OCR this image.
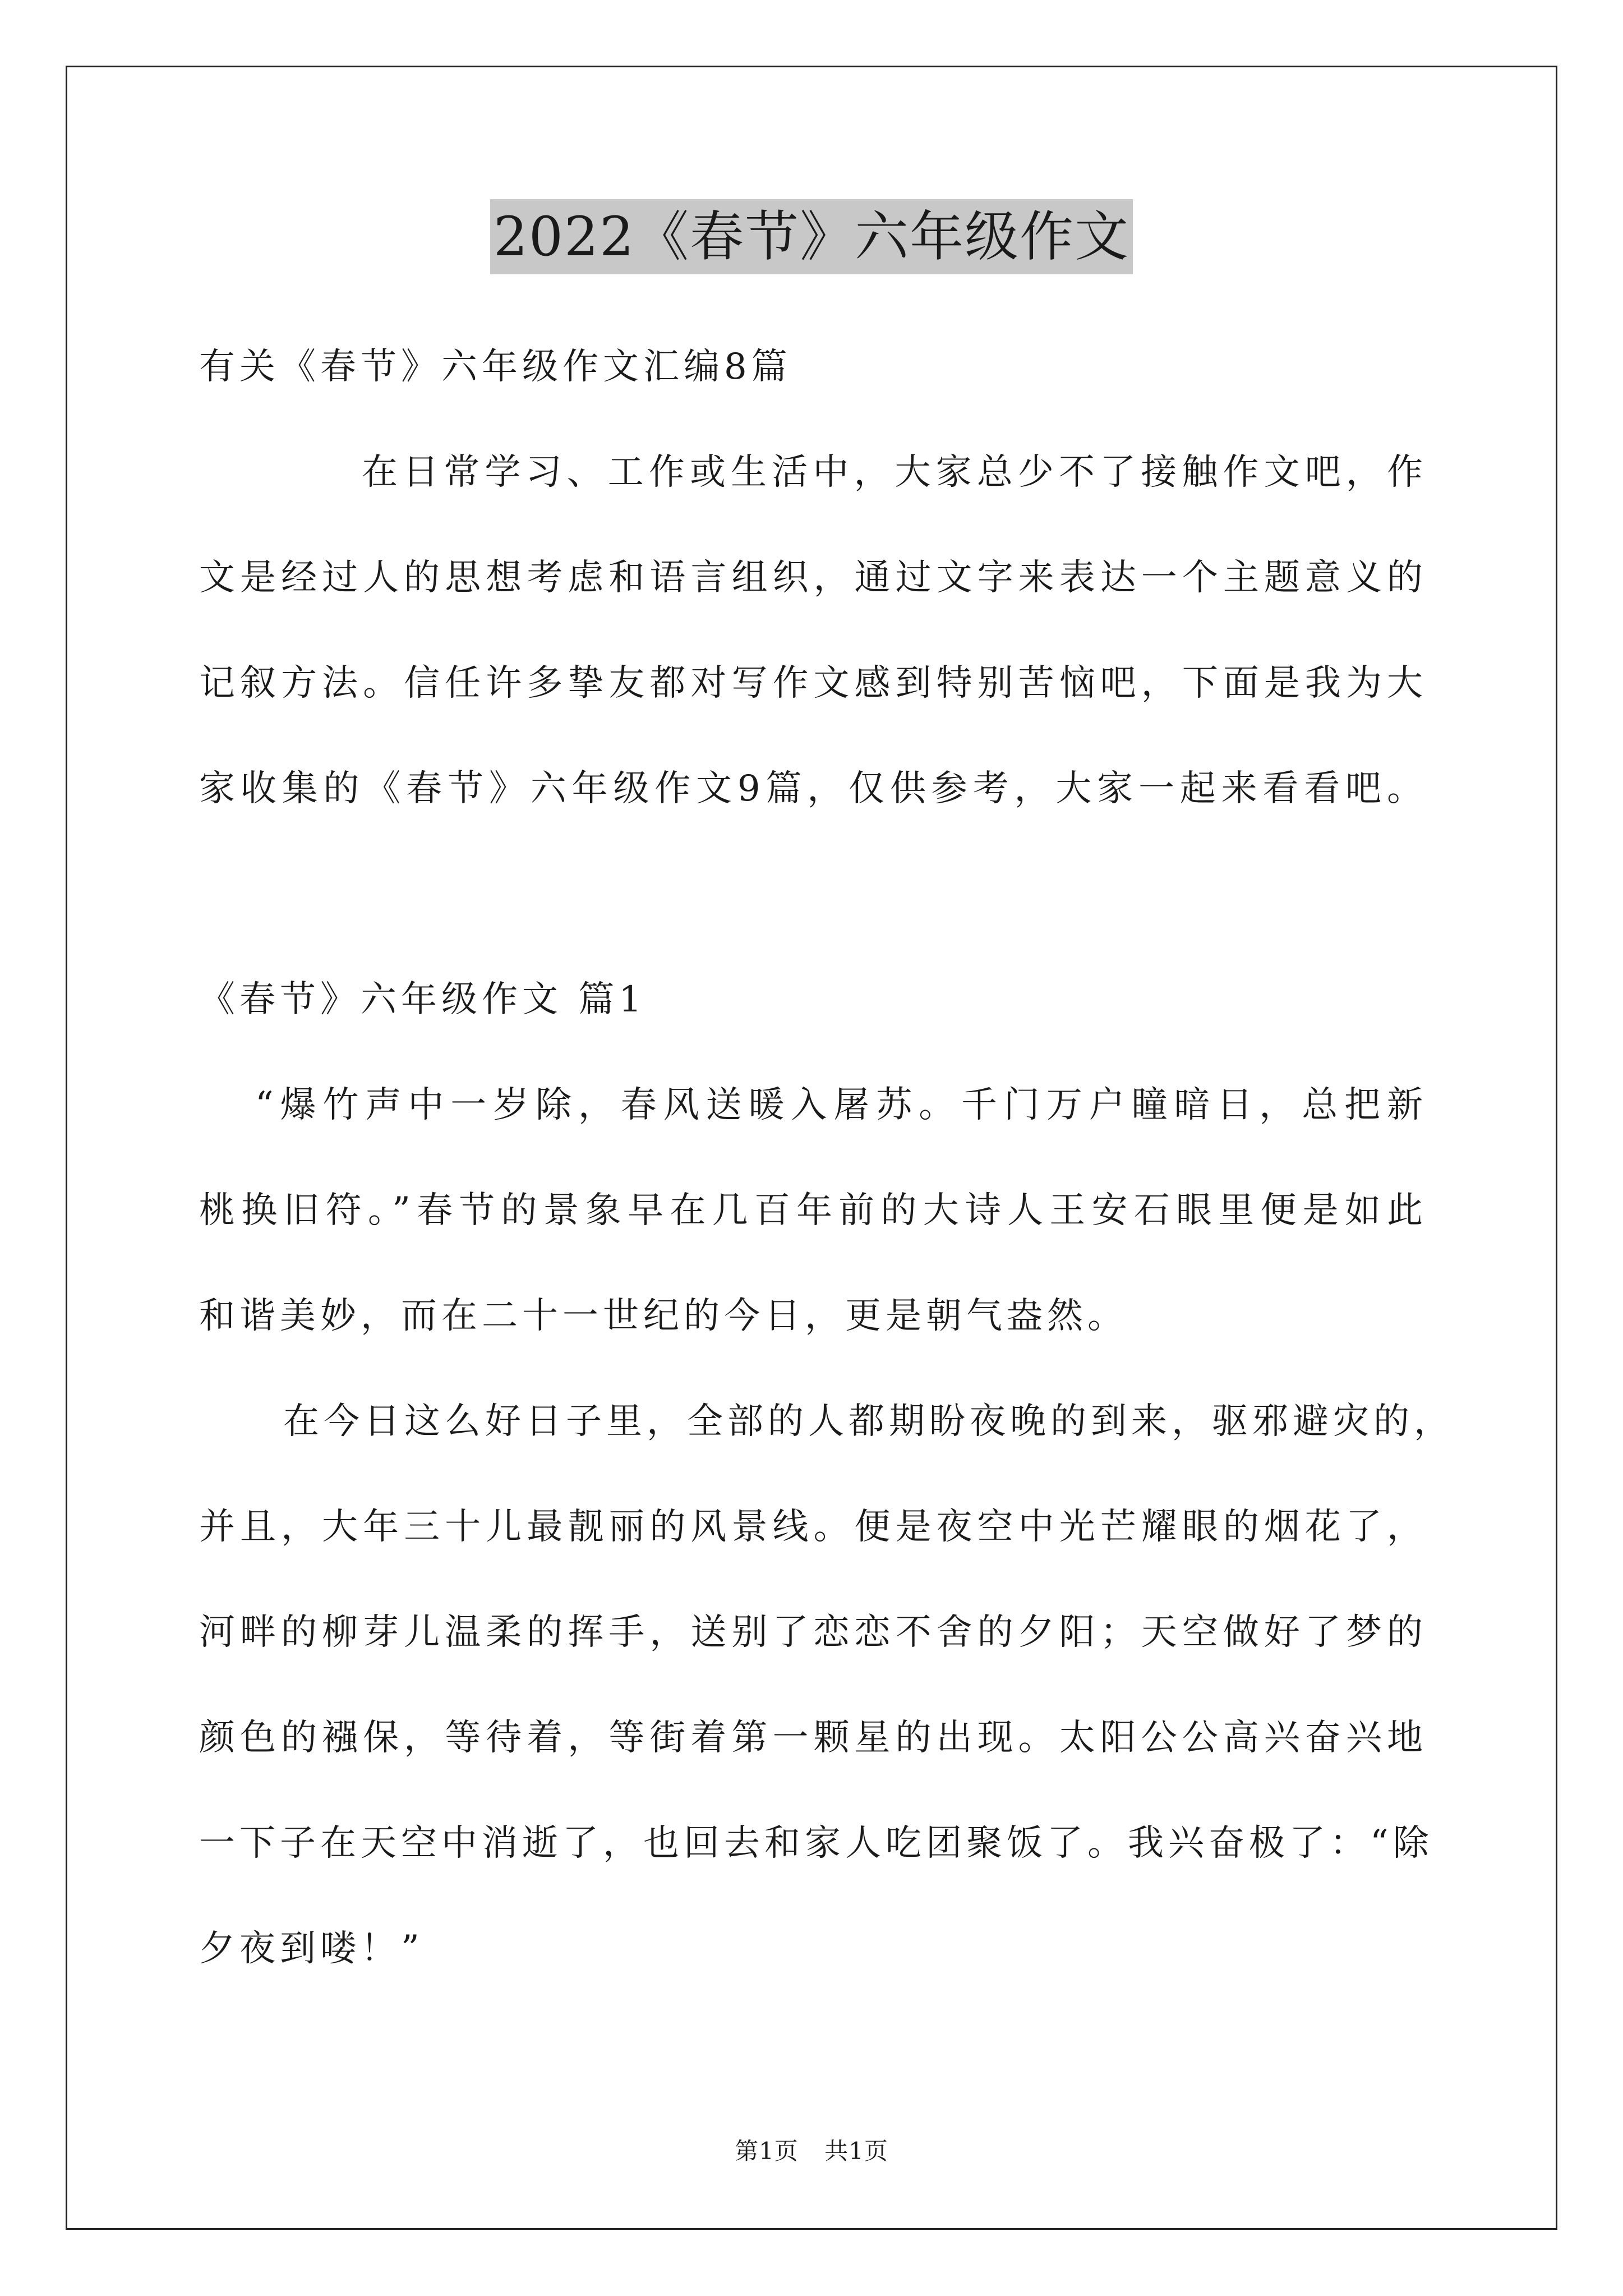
2022《春节》六年级作文
有关《春节》六年级作文汇编8篇
在日常学习、工作或生活中，大家总少不了接触作文吧，作
文是经过人的思想考虑和语言组织，通过文字来表达一个主题意义的
记叙方法。信任许多挚友都对写作文感到特别苦恼吧，下面是我为大
家收集的《春节》六年级作文9篇，仅供参考，大家一起来看看吧。
《春节》六年级作文 篇1
“爆竹声中一岁除，春风送暖入屠苏。千门万户瞳暗日，总把新
桃换旧符。”春节的景象早在几百年前的大诗人王安石眼里便是如此
和谐美妙，而在二十一世纪的今日，更是朝气盎然。
在今日这么好日子里，全部的人都期盼夜晚的到来，驱邪避灾的，
并且，大年三十儿最靓丽的风景线。便是夜空中光芒耀眼的烟花了，
河畔的柳芽儿温柔的挥手，送别了恋恋不舍的夕阳；天空做好了梦的
颜色的襁保，等待着，等街着第一颗星的出现。太阳公公高兴奋兴地
一下子在天空中消逝了，也回去和家人吃团聚饭了。我兴奋极了：“除
夕夜到喽！”
第1页 共1页
